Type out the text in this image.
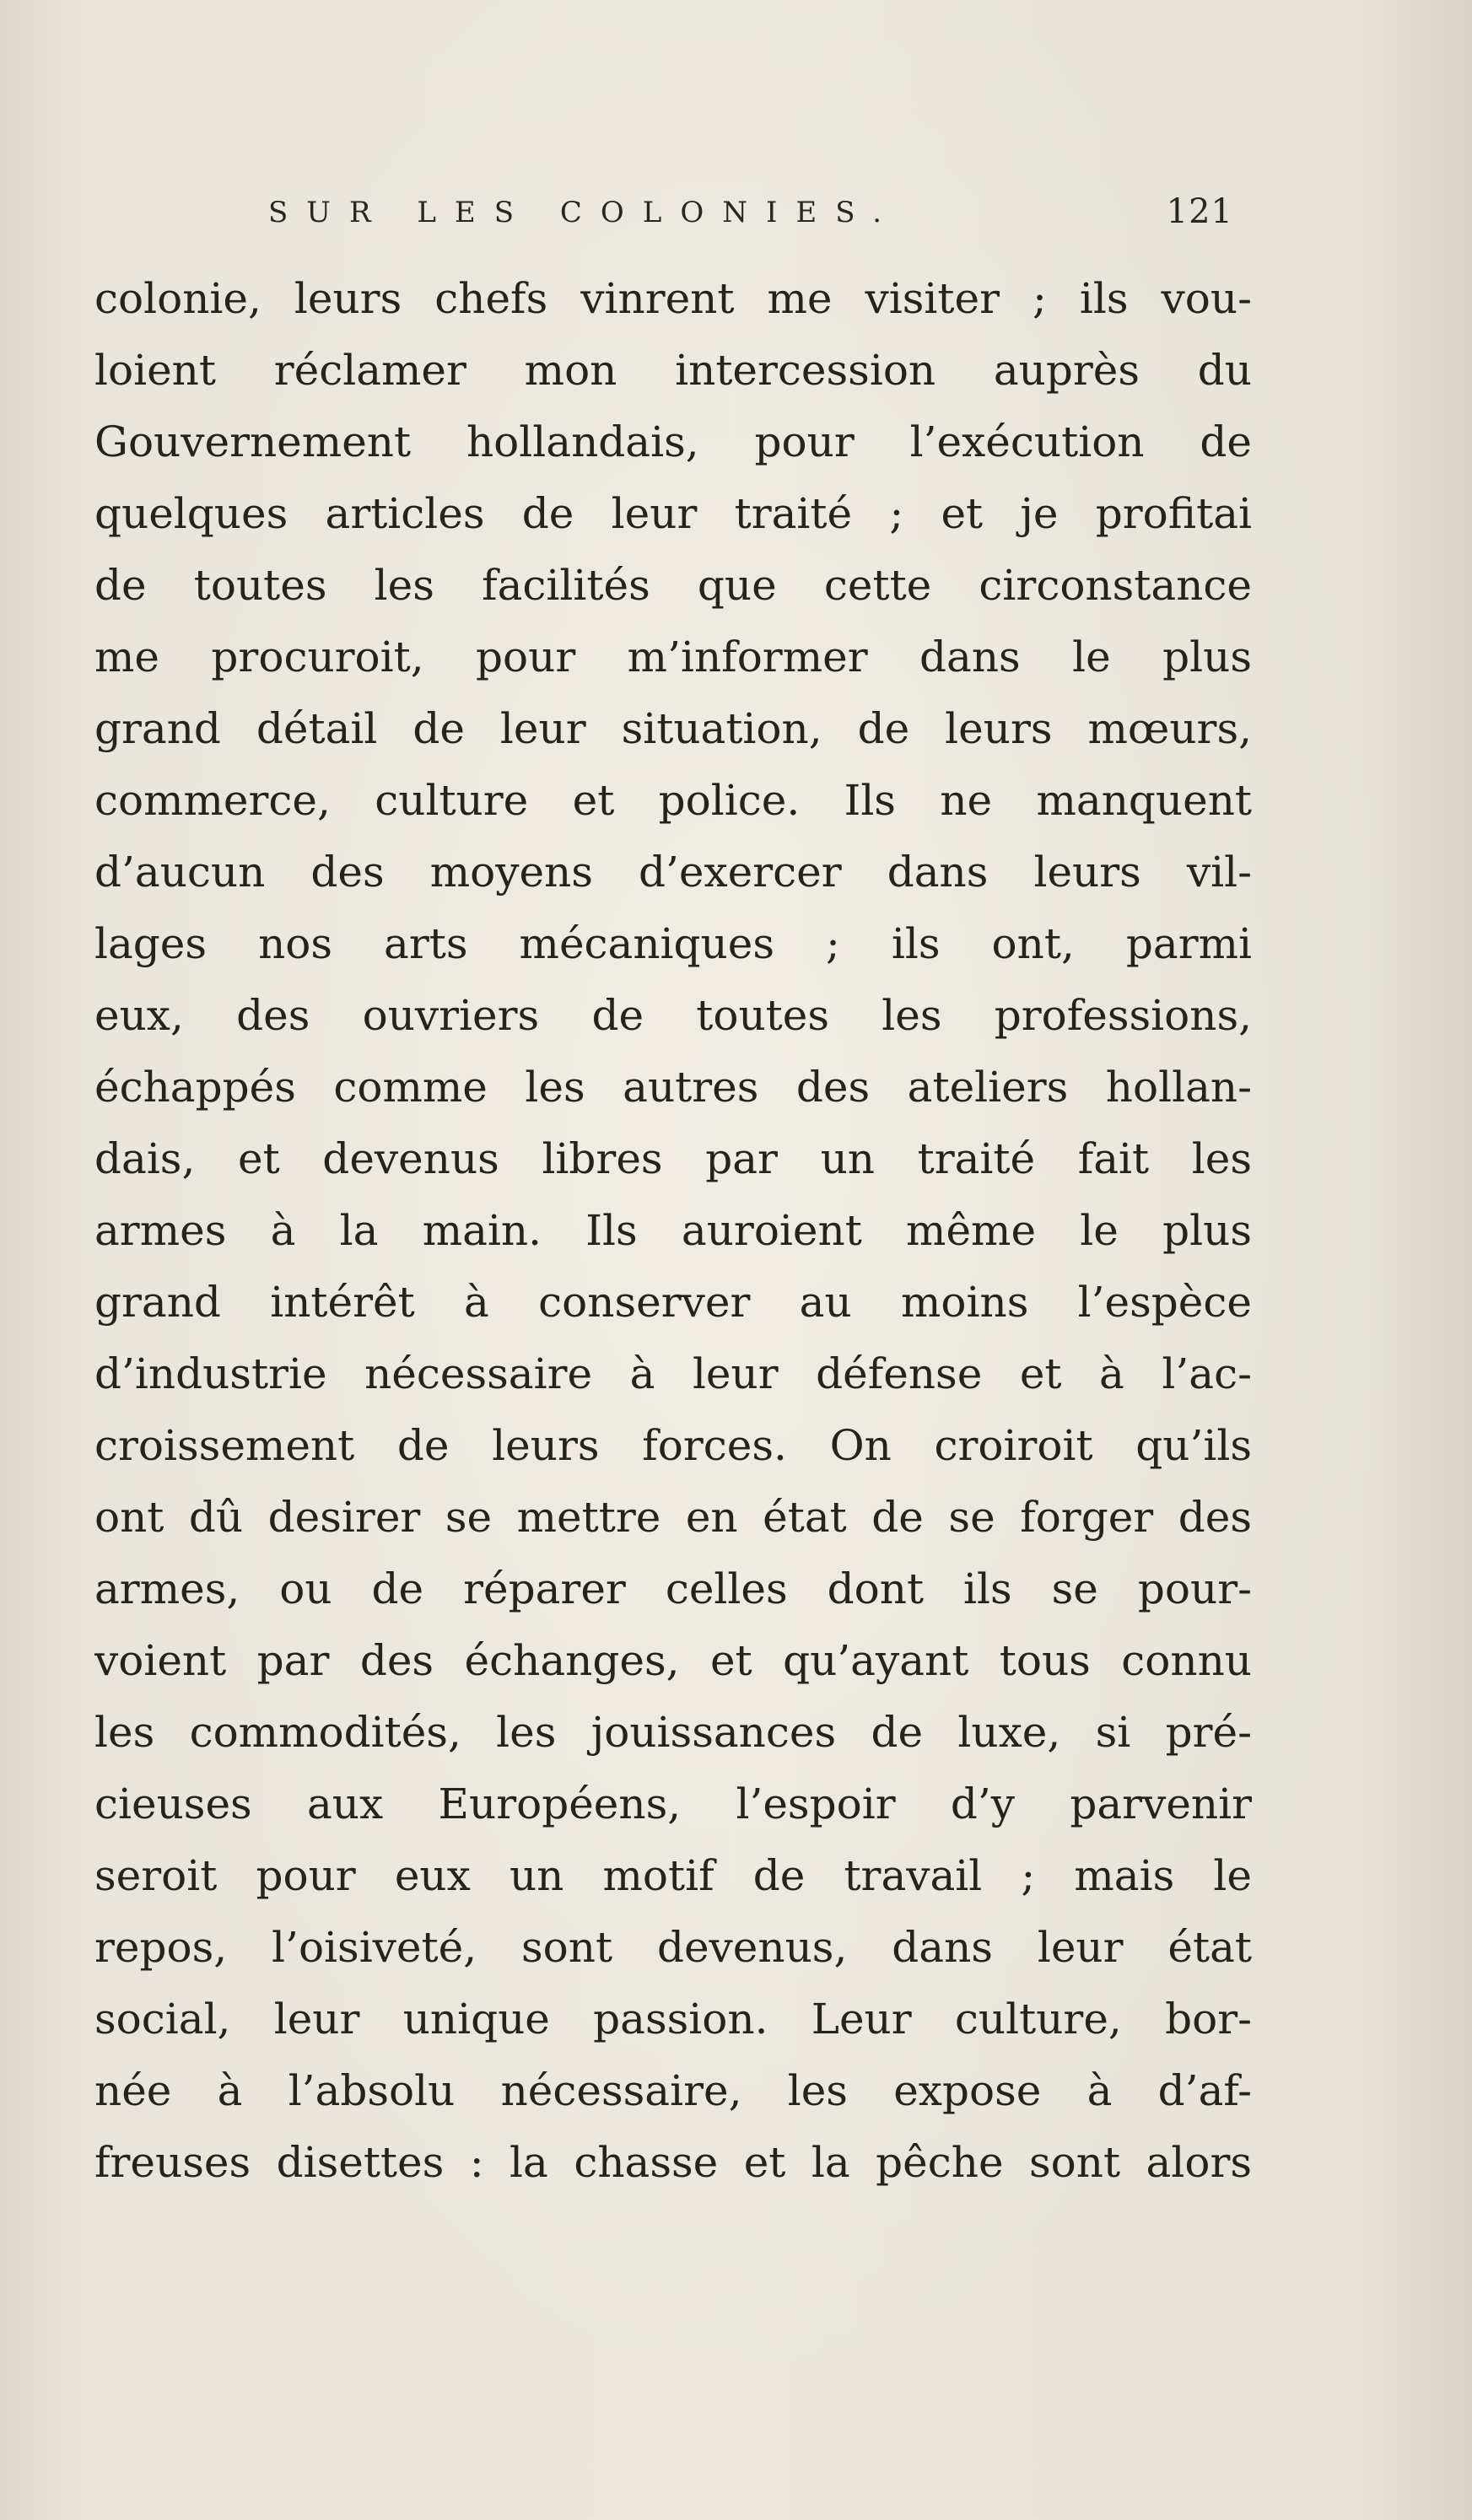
SUR LES COLONIES.	121
colonie, leurs chefs vinrent me visiter ; ils vou-
loient réclamer mon intercession auprès du
Gouvernement hollandais, pour l’exécution de
quelques articles de leur traité ; et je profitai
de toutes les facilités que cette circonstance
me procuroit, pour m’informer dans le plus
grand détail de leur situation, de leurs mœurs,
commerce, culture et police. Ils ne manquent
d’aucun des moyens d’exercer dans leurs vil-
lages nos arts mécaniques ; ils ont, parmi
eux, des ouvriers de toutes les professions,
échappés comme les autres des ateliers hollan-
dais, et devenus libres par un traité fait les
armes à la main. Ils auroient même le plus
grand intérêt à conserver au moins l’espèce
d’industrie nécessaire à leur défense et à l’ac-
croissement de leurs forces. On croiroit qu’ils
ont dû desirer se mettre en état de se forger des
armes, ou de réparer celles dont ils se pour-
voient par des échanges, et qu’ayant tous connu
les commodités, les jouissances de luxe, si pré-
cieuses aux Européens, l’espoir d’y parvenir
seroit pour eux un motif de travail ; mais le
repos, l’oisiveté, sont devenus, dans leur état
social, leur unique passion. Leur culture, bor-
née à l’absolu nécessaire, les expose à d’af-
freuses disettes : la chasse et la pêche sont alors
